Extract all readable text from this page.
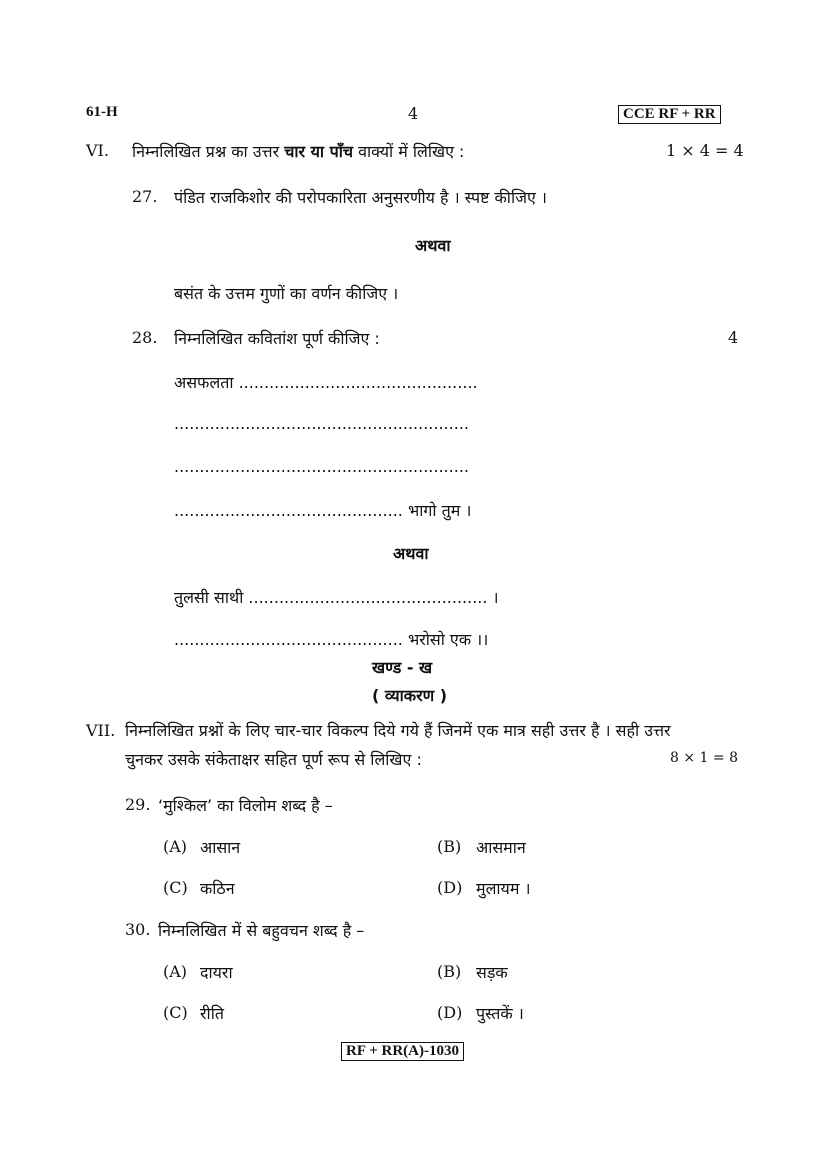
61-H	4	CCE RF + RR
VI. निम्नलिखित प्रश्न का उत्तर चार या पाँच वाक्यों में लिखिए :	1 × 4 = 4
27. पंडित राजकिशोर की परोपकारिता अनुसरणीय है । स्पष्ट कीजिए ।
अथवा
बसंत के उत्तम गुणों का वर्णन कीजिए ।
28. निम्नलिखित कवितांश पूर्ण कीजिए :	4
असफलता ...............................................
..........................................................
..........................................................
............................................. भागो तुम ।
अथवा
तुलसी साथी ............................................... ।
............................................. भरोसो एक ।।
खण्ड - ख
( व्याकरण )
VII. निम्नलिखित प्रश्नों के लिए चार-चार विकल्प दिये गये हैं जिनमें एक मात्र सही उत्तर है । सही उत्तर
चुनकर उसके संकेताक्षर सहित पूर्ण रूप से लिखिए :	8 × 1 = 8
29. ‘मुश्किल’ का विलोम शब्द है –
(A) आसान	(B) आसमान
(C) कठिन	(D) मुलायम ।
30. निम्नलिखित में से बहुवचन शब्द है –
(A) दायरा	(B) सड़क
(C) रीति	(D) पुस्तकें ।
RF + RR(A)-1030
